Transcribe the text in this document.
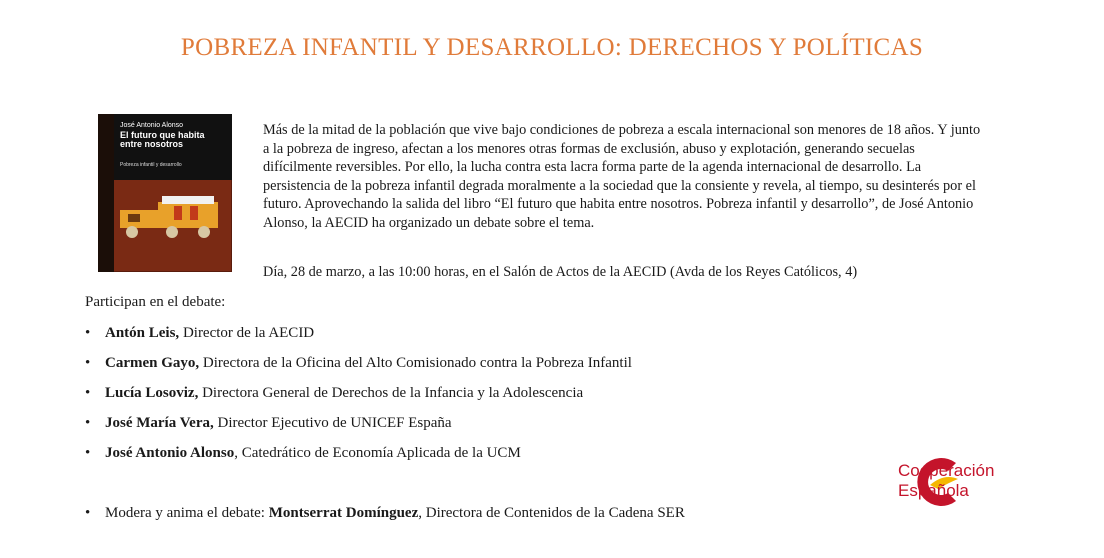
POBREZA INFANTIL Y DESARROLLO: DERECHOS Y POLÍTICAS
José Antonio Alonso
El futuro que habita entre nosotros
Pobreza infantil y desarrollo
Más de la mitad de la población que vive bajo condiciones de pobreza a escala internacional son menores de 18 años. Y junto a la pobreza de ingreso, afectan a los menores otras formas de exclusión, abuso y explotación, generando secuelas difícilmente reversibles. Por ello, la lucha contra esta lacra forma parte de la agenda internacional de desarrollo. La persistencia de la pobreza infantil degrada moralmente a la sociedad que la consiente y revela, al tiempo, su desinterés por el futuro. Aprovechando la salida del libro “El futuro que habita entre nosotros. Pobreza infantil y desarrollo”, de José Antonio Alonso, la AECID ha organizado un debate sobre el tema.
Día, 28 de marzo, a las 10:00 horas, en el Salón de Actos de la AECID (Avda de los Reyes Católicos, 4)
Participan en el debate:
• Antón Leis, Director de la AECID
• Carmen Gayo, Directora de la Oficina del Alto Comisionado contra la Pobreza Infantil
• Lucía Losoviz, Directora General de Derechos de la Infancia y la Adolescencia
• José María Vera, Director Ejecutivo de UNICEF España
• José Antonio Alonso, Catedrático de Economía Aplicada de la UCM
• Modera y anima el debate: Montserrat Domínguez, Directora de Contenidos de la Cadena SER
Cooperación
Española
